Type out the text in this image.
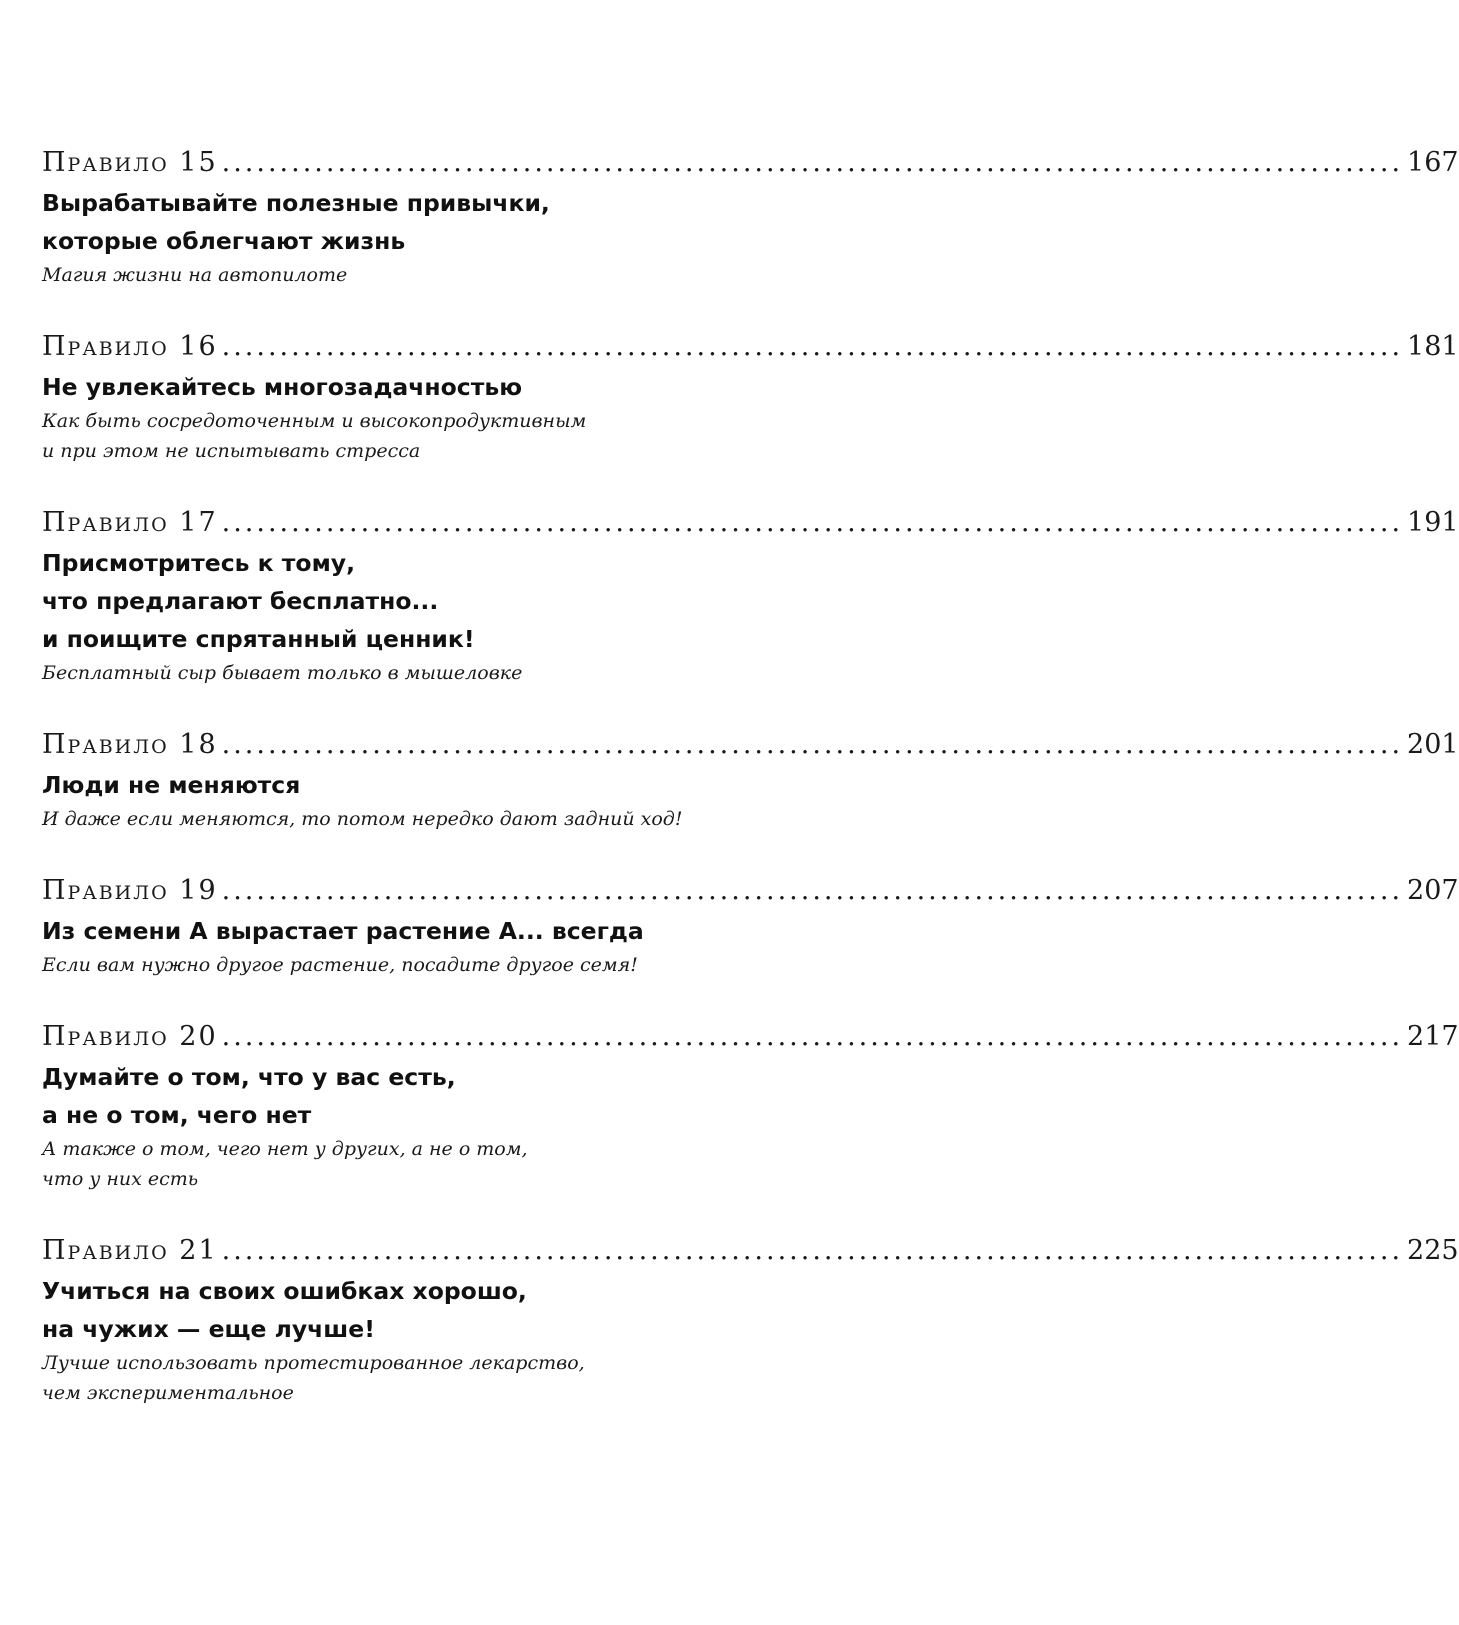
Правило 15 ...................................................................................................... 167
Вырабатывайте полезные привычки,
которые облегчают жизнь
Магия жизни на автопилоте
Правило 16 ...................................................................................................... 181
Не увлекайтесь многозадачностью
Как быть сосредоточенным и высокопродуктивным
и при этом не испытывать стресса
Правило 17 ...................................................................................................... 191
Присмотритесь к тому,
что предлагают бесплатно...
и поищите спрятанный ценник!
Бесплатный сыр бывает только в мышеловке
Правило 18 ...................................................................................................... 201
Люди не меняются
И даже если меняются, то потом нередко дают задний ход!
Правило 19 ...................................................................................................... 207
Из семени А вырастает растение А... всегда
Если вам нужно другое растение, посадите другое семя!
Правило 20 ...................................................................................................... 217
Думайте о том, что у вас есть,
а не о том, чего нет
А также о том, чего нет у других, а не о том,
что у них есть
Правило 21 ...................................................................................................... 225
Учиться на своих ошибках хорошо,
на чужих — еще лучше!
Лучше использовать протестированное лекарство,
чем экспериментальное
